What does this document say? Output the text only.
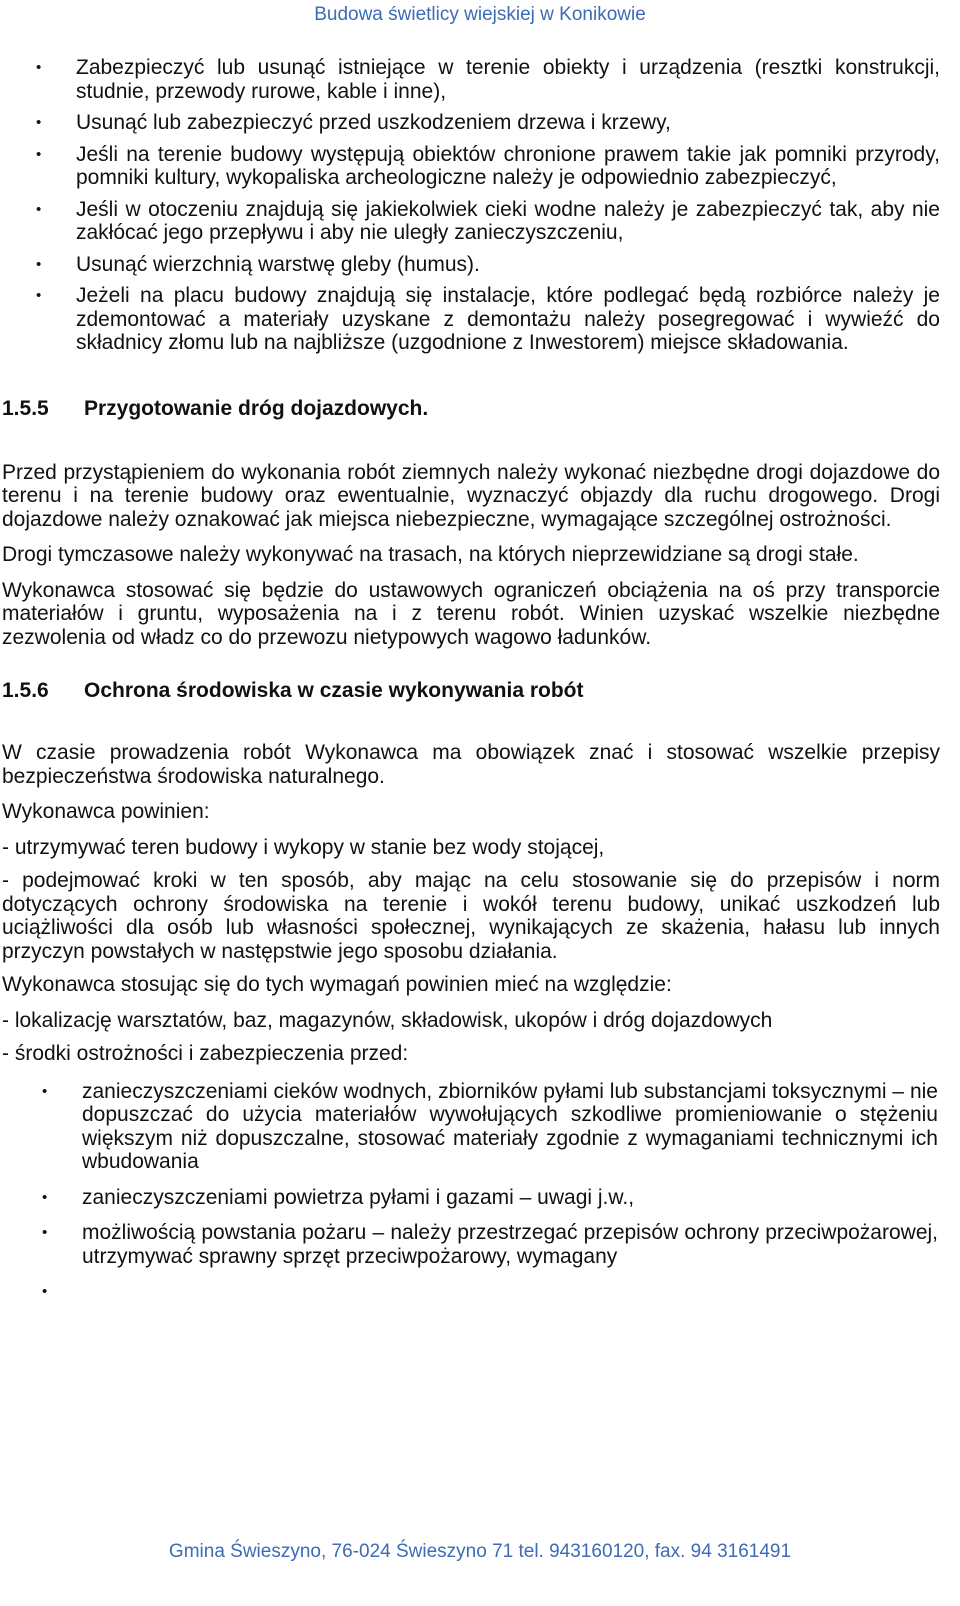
Budowa świetlicy wiejskiej w Konikowie
• Zabezpieczyć lub usunąć istniejące w terenie obiekty i urządzenia (resztki konstrukcji, studnie, przewody rurowe, kable i inne),

• Usunąć lub zabezpieczyć przed uszkodzeniem drzewa i krzewy,

• Jeśli na terenie budowy występują obiektów chronione prawem takie jak pomniki przyrody, pomniki kultury, wykopaliska archeologiczne należy je odpowiednio zabezpieczyć,

• Jeśli w otoczeniu znajdują się jakiekolwiek cieki wodne należy je zabezpieczyć tak, aby nie zakłócać jego przepływu i aby nie uległy zanieczyszczeniu,

• Usunąć wierzchnią warstwę gleby (humus).

• Jeżeli na placu budowy znajdują się instalacje, które podlegać będą rozbiórce należy je zdemontować a materiały uzyskane z demontażu należy posegregować i wywieźć do składnicy złomu lub na najbliższe (uzgodnione z Inwestorem) miejsce składowania.

1.5.5 Przygotowanie dróg dojazdowych.

Przed przystąpieniem do wykonania robót ziemnych należy wykonać niezbędne drogi dojazdowe do terenu i na terenie budowy oraz ewentualnie, wyznaczyć objazdy dla ruchu drogowego. Drogi dojazdowe należy oznakować jak miejsca niebezpieczne, wymagające szczególnej ostrożności.

Drogi tymczasowe należy wykonywać na trasach, na których nieprzewidziane są drogi stałe.

Wykonawca stosować się będzie do ustawowych ograniczeń obciążenia na oś przy transporcie materiałów i gruntu, wyposażenia na i z terenu robót. Winien uzyskać wszelkie niezbędne zezwolenia od władz co do przewozu nietypowych wagowo ładunków.

1.5.6 Ochrona środowiska w czasie wykonywania robót

W czasie prowadzenia robót Wykonawca ma obowiązek znać i stosować wszelkie przepisy bezpieczeństwa środowiska naturalnego.

Wykonawca powinien:

- utrzymywać teren budowy i wykopy w stanie bez wody stojącej,

- podejmować kroki w ten sposób, aby mając na celu stosowanie się do przepisów i norm dotyczących ochrony środowiska na terenie i wokół terenu budowy, unikać uszkodzeń lub uciążliwości dla osób lub własności społecznej, wynikających ze skażenia, hałasu lub innych przyczyn powstałych w następstwie jego sposobu działania.

Wykonawca stosując się do tych wymagań powinien mieć na względzie:

- lokalizację warsztatów, baz, magazynów, składowisk, ukopów i dróg dojazdowych

- środki ostrożności i zabezpieczenia przed:

• zanieczyszczeniami cieków wodnych, zbiorników pyłami lub substancjami toksycznymi – nie dopuszczać do użycia materiałów wywołujących szkodliwe promieniowanie o stężeniu większym niż dopuszczalne, stosować materiały zgodnie z wymaganiami technicznymi ich wbudowania

• zanieczyszczeniami powietrza pyłami i gazami – uwagi j.w.,

• możliwością powstania pożaru – należy przestrzegać przepisów ochrony przeciwpożarowej, utrzymywać sprawny sprzęt przeciwpożarowy, wymagany

•

Gmina Świeszyno, 76-024 Świeszyno 71 tel. 943160120, fax. 94 3161491
